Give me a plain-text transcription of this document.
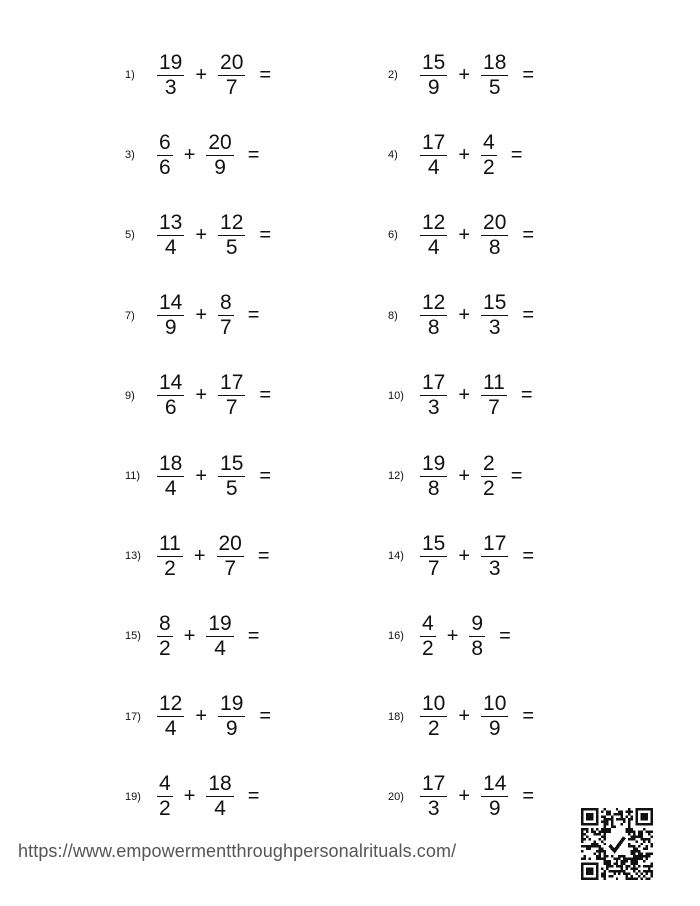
1)	$\frac{19}{3} + \frac{20}{7}$ =	2)	$\frac{15}{9} + \frac{18}{5}$ =
3)	$\frac{6}{6} + \frac{20}{9}$ =	4)	$\frac{17}{4} + \frac{4}{2}$ =
5)	$\frac{13}{4} + \frac{12}{5}$ =	6)	$\frac{12}{4} + \frac{20}{8}$ =
7)	$\frac{14}{9} + \frac{8}{7}$ =	8)	$\frac{12}{8} + \frac{15}{3}$ =
9)	$\frac{14}{6} + \frac{17}{7}$ =	$10) \frac{17}{3} + \frac{11}{7}$ =
$11) \frac{18}{4} + \frac{15}{5}$ =	$12) \frac{19}{8} + \frac{2}{2}$ =
$13) \frac{11}{2} + \frac{20}{7}$ =	$14) \frac{15}{7} + \frac{17}{3}$ =
$15) \frac{8}{2} + \frac{19}{4}$ =	$16) \frac{4}{2} + \frac{9}{8}$ =
$17) \frac{12}{4} + \frac{19}{9}$ =	$18) \frac{10}{2} + \frac{10}{9}$ =
$19) \frac{4}{2} + \frac{18}{4}$ =	$20) \frac{17}{3} + \frac{14}{9}$ =
https://www.empowermentthroughpersonalrituals.com/
